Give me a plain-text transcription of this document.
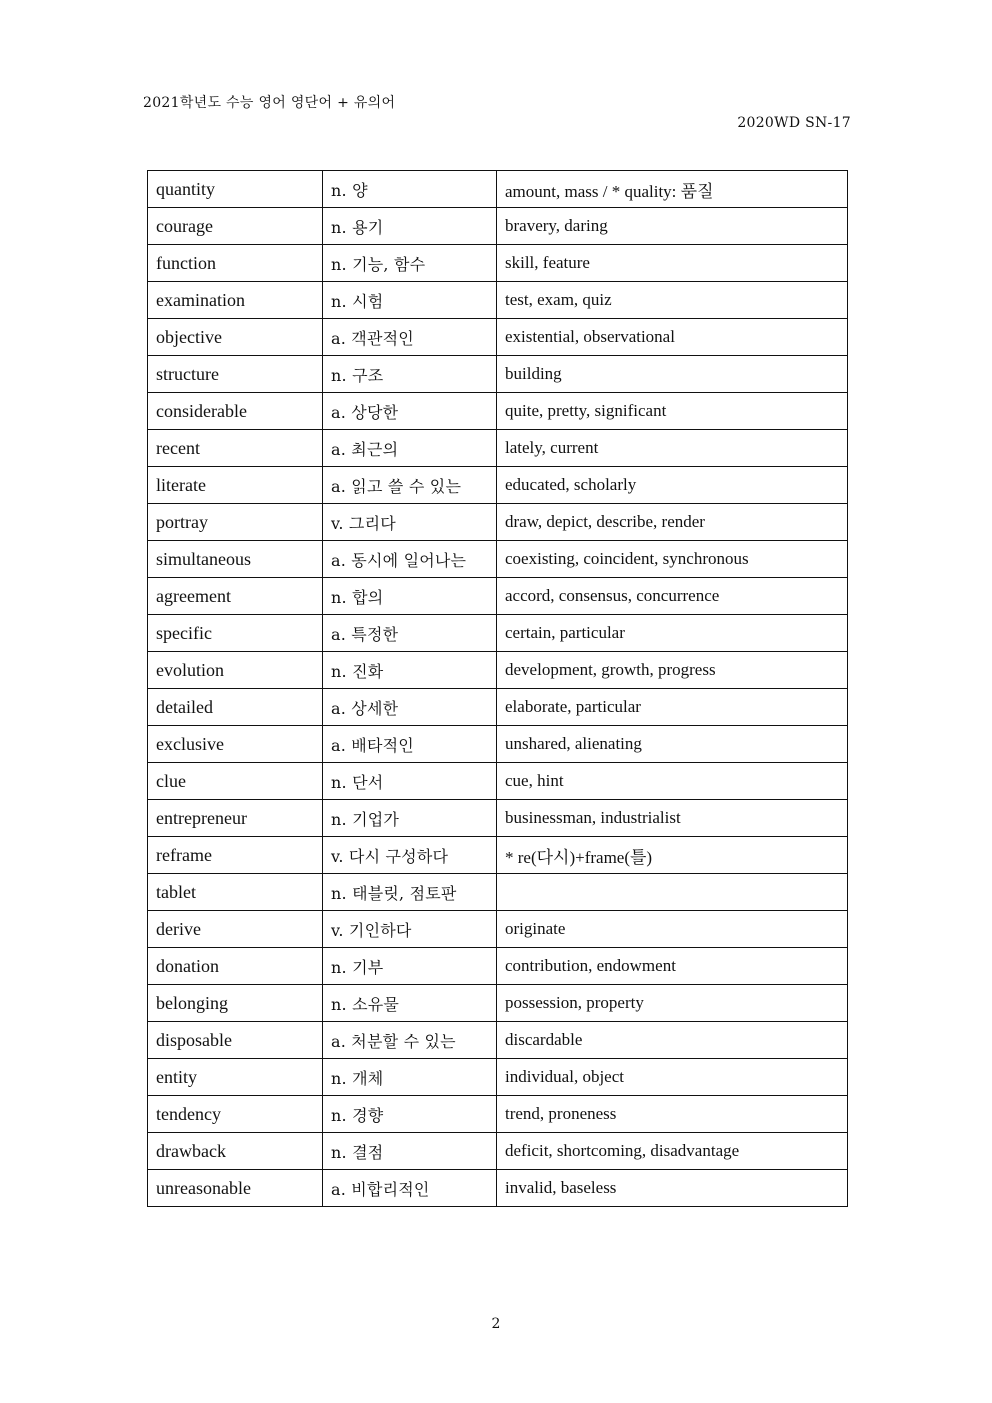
2021학년도 수능 영어 영단어 + 유의어
2020WD SN-17
quantity	n. 양	amount, mass / * quality: 품질
courage	n. 용기	bravery, daring
function	n. 기능, 함수	skill, feature
examination	n. 시험	test, exam, quiz
objective	a. 객관적인	existential, observational
structure	n. 구조	building
considerable	a. 상당한	quite, pretty, significant
recent	a. 최근의	lately, current
literate	a. 읽고 쓸 수 있는	educated, scholarly
portray	v. 그리다	draw, depict, describe, render
simultaneous	a. 동시에 일어나는	coexisting, coincident, synchronous
agreement	n. 합의	accord, consensus, concurrence
specific	a. 특정한	certain, particular
evolution	n. 진화	development, growth, progress
detailed	a. 상세한	elaborate, particular
exclusive	a. 배타적인	unshared, alienating
clue	n. 단서	cue, hint
entrepreneur	n. 기업가	businessman, industrialist
reframe	v. 다시 구성하다	* re(다시)+frame(틀)
tablet	n. 태블릿, 점토판	
derive	v. 기인하다	originate
donation	n. 기부	contribution, endowment
belonging	n. 소유물	possession, property
disposable	a. 처분할 수 있는	discardable
entity	n. 개체	individual, object
tendency	n. 경향	trend, proneness
drawback	n. 결점	deficit, shortcoming, disadvantage
unreasonable	a. 비합리적인	invalid, baseless
2
